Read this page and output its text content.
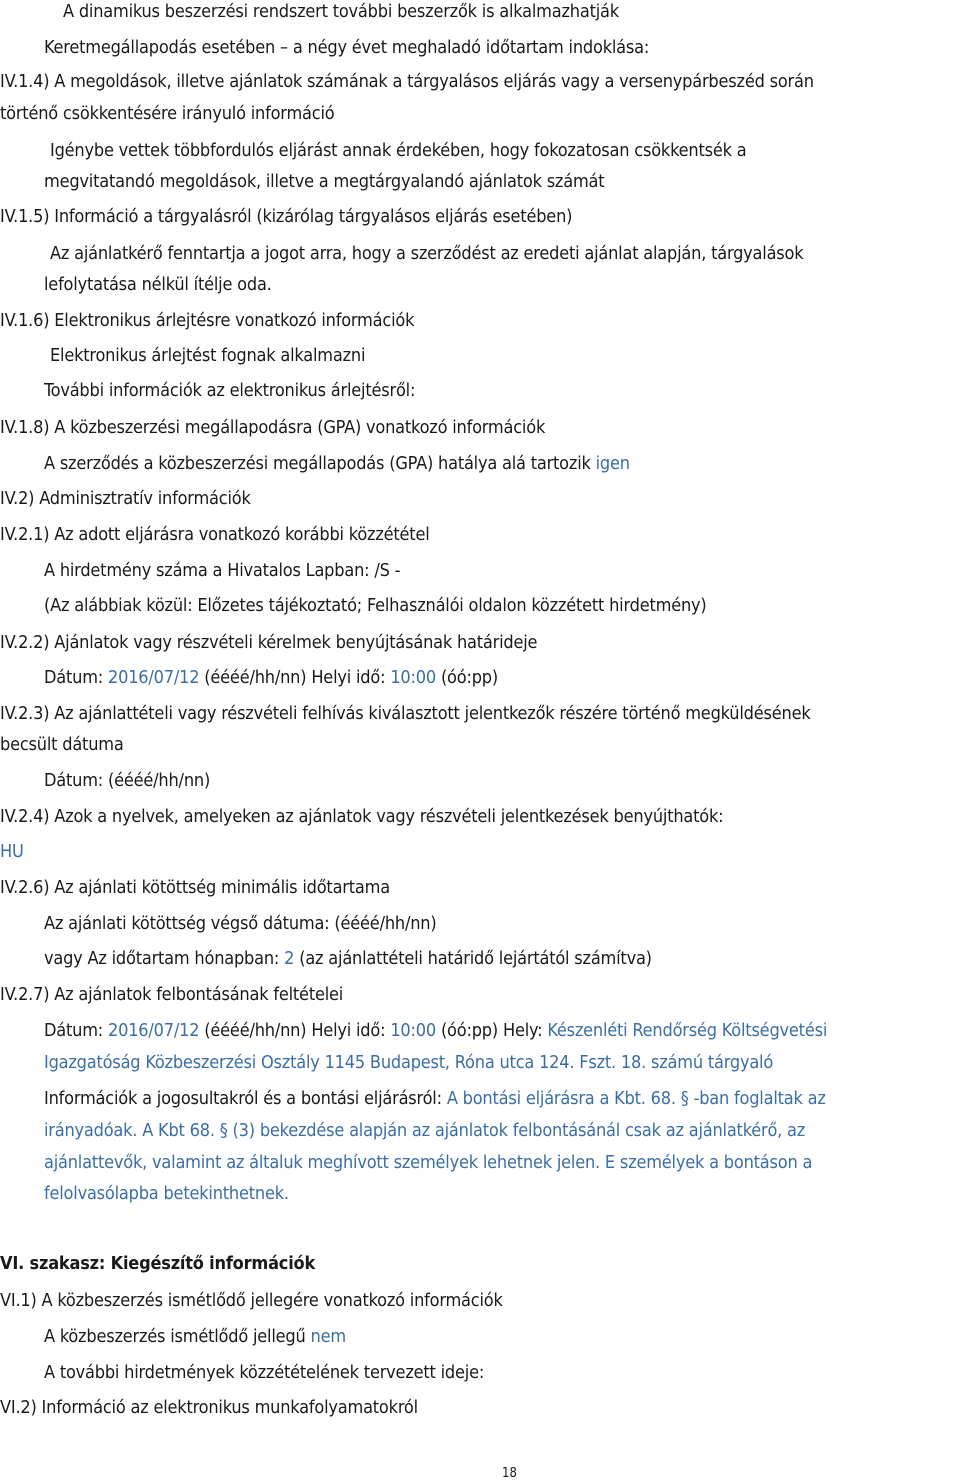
A dinamikus beszerzési rendszert további beszerzők is alkalmazhatják
Keretmegállapodás esetében – a négy évet meghaladó időtartam indoklása:
IV.1.4) A megoldások, illetve ajánlatok számának a tárgyalásos eljárás vagy a versenypárbeszéd során
történő csökkentésére irányuló információ
Igénybe vettek többfordulós eljárást annak érdekében, hogy fokozatosan csökkentsék a
megvitatandó megoldások, illetve a megtárgyalandó ajánlatok számát
IV.1.5) Információ a tárgyalásról (kizárólag tárgyalásos eljárás esetében)
Az ajánlatkérő fenntartja a jogot arra, hogy a szerződést az eredeti ajánlat alapján, tárgyalások
lefolytatása nélkül ítélje oda.
IV.1.6) Elektronikus árlejtésre vonatkozó információk
Elektronikus árlejtést fognak alkalmazni
További információk az elektronikus árlejtésről:
IV.1.8) A közbeszerzési megállapodásra (GPA) vonatkozó információk
A szerződés a közbeszerzési megállapodás (GPA) hatálya alá tartozik igen
IV.2) Adminisztratív információk
IV.2.1) Az adott eljárásra vonatkozó korábbi közzététel
A hirdetmény száma a Hivatalos Lapban: /S -
(Az alábbiak közül: Előzetes tájékoztató; Felhasználói oldalon közzétett hirdetmény)
IV.2.2) Ajánlatok vagy részvételi kérelmek benyújtásának határideje
Dátum: 2016/07/12 (éééé/hh/nn) Helyi idő: 10:00 (óó:pp)
IV.2.3) Az ajánlattételi vagy részvételi felhívás kiválasztott jelentkezők részére történő megküldésének
becsült dátuma
Dátum: (éééé/hh/nn)
IV.2.4) Azok a nyelvek, amelyeken az ajánlatok vagy részvételi jelentkezések benyújthatók:
HU
IV.2.6) Az ajánlati kötöttség minimális időtartama
Az ajánlati kötöttség végső dátuma: (éééé/hh/nn)
vagy Az időtartam hónapban: 2 (az ajánlattételi határidő lejártától számítva)
IV.2.7) Az ajánlatok felbontásának feltételei
Dátum: 2016/07/12 (éééé/hh/nn) Helyi idő: 10:00 (óó:pp) Hely: Készenléti Rendőrség Költségvetési
Igazgatóság Közbeszerzési Osztály 1145 Budapest, Róna utca 124. Fszt. 18. számú tárgyaló
Információk a jogosultakról és a bontási eljárásról: A bontási eljárásra a Kbt. 68. § -ban foglaltak az
irányadóak. A Kbt 68. § (3) bekezdése alapján az ajánlatok felbontásánál csak az ajánlatkérő, az
ajánlattevők, valamint az általuk meghívott személyek lehetnek jelen. E személyek a bontáson a
felolvasólapba betekinthetnek.
VI. szakasz: Kiegészítő információk
VI.1) A közbeszerzés ismétlődő jellegére vonatkozó információk
A közbeszerzés ismétlődő jellegű nem
A további hirdetmények közzétételének tervezett ideje:
VI.2) Információ az elektronikus munkafolyamatokról
18
